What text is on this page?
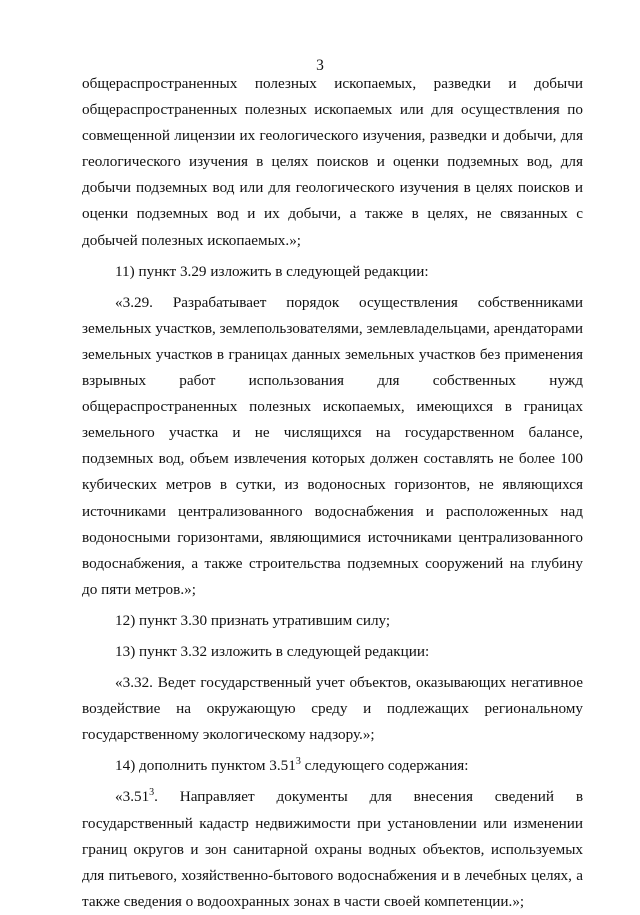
3

общераспространенных полезных ископаемых, разведки и добычи общераспространенных полезных ископаемых или для осуществления по совмещенной лицензии их геологического изучения, разведки и добычи, для геологического изучения в целях поисков и оценки подземных вод, для добычи подземных вод или для геологического изучения в целях поисков и оценки подземных вод и их добычи, а также в целях, не связанных с добычей полезных ископаемых.»;

11) пункт 3.29 изложить в следующей редакции:

«3.29. Разрабатывает порядок осуществления собственниками земельных участков, землепользователями, землевладельцами, арендаторами земельных участков в границах данных земельных участков без применения взрывных работ использования для собственных нужд общераспространенных полезных ископаемых, имеющихся в границах земельного участка и не числящихся на государственном балансе, подземных вод, объем извлечения которых должен составлять не более 100 кубических метров в сутки, из водоносных горизонтов, не являющихся источниками централизованного водоснабжения и расположенных над водоносными горизонтами, являющимися источниками централизованного водоснабжения, а также строительства подземных сооружений на глубину до пяти метров.»;

12) пункт 3.30 признать утратившим силу;

13) пункт 3.32 изложить в следующей редакции:

«3.32. Ведет государственный учет объектов, оказывающих негативное воздействие на окружающую среду и подлежащих региональному государственному экологическому надзору.»;

14) дополнить пунктом 3.51$^3$ следующего содержания:

«3.51$^3$. Направляет документы для внесения сведений в государственный кадастр недвижимости при установлении или изменении границ округов и зон санитарной охраны водных объектов, используемых для питьевого, хозяйственно-бытового водоснабжения и в лечебных целях, а также сведения о водоохранных зонах в части своей компетенции.»;
